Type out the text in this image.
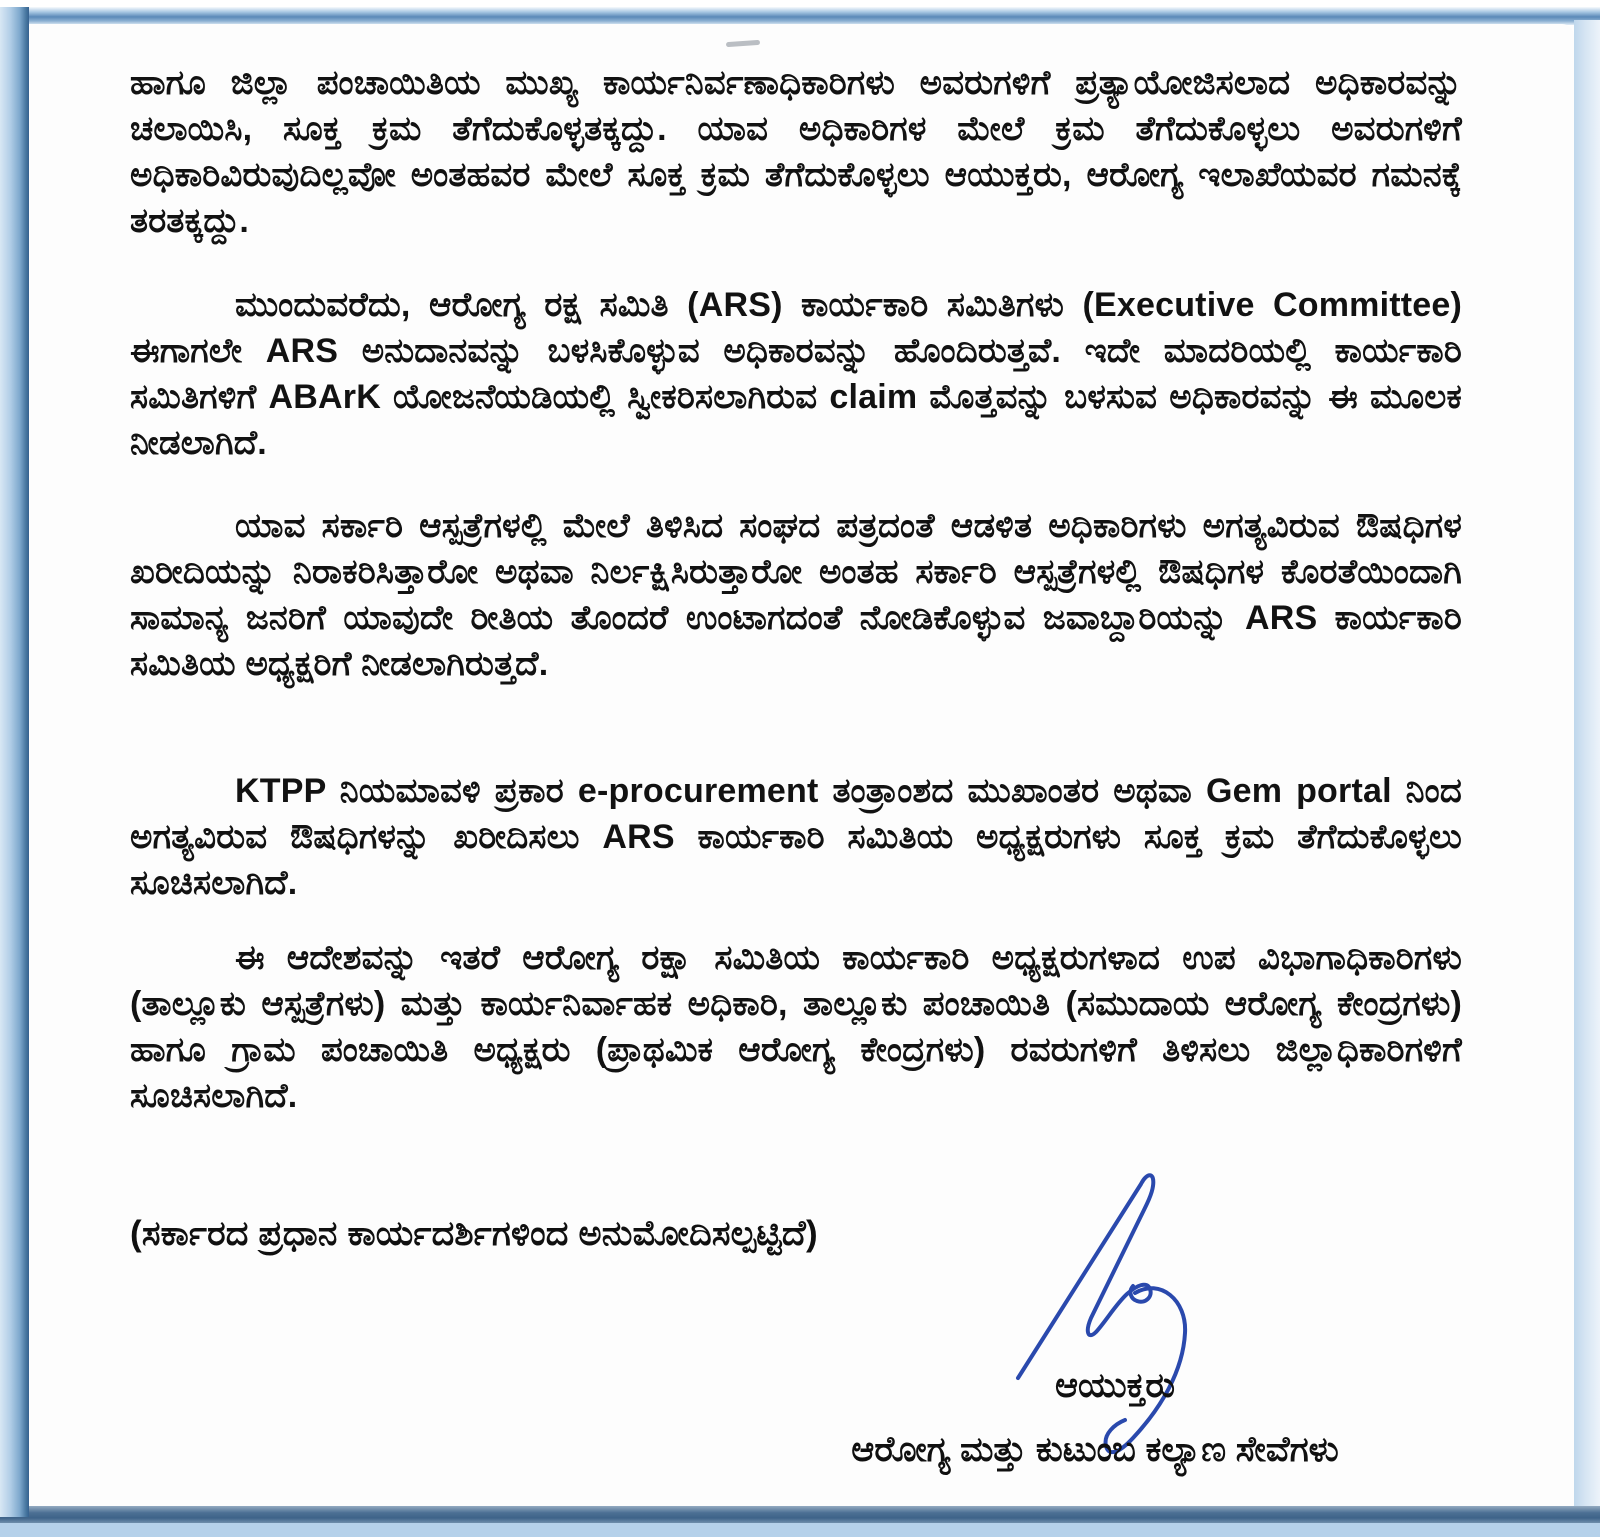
ಹಾಗೂ ಜಿಲ್ಲಾ ಪಂಚಾಯಿತಿಯ ಮುಖ್ಯ ಕಾರ್ಯನಿರ್ವಣಾಧಿಕಾರಿಗಳು ಅವರುಗಳಿಗೆ ಪ್ರತ್ಯಾಯೋಜಿಸಲಾದ ಅಧಿಕಾರವನ್ನು ಚಲಾಯಿಸಿ, ಸೂಕ್ತ ಕ್ರಮ ತೆಗೆದುಕೊಳ್ಳತಕ್ಕದ್ದು. ಯಾವ ಅಧಿಕಾರಿಗಳ ಮೇಲೆ ಕ್ರಮ ತೆಗೆದುಕೊಳ್ಳಲು ಅವರುಗಳಿಗೆ ಅಧಿಕಾರಿವಿರುವುದಿಲ್ಲವೋ ಅಂತಹವರ ಮೇಲೆ ಸೂಕ್ತ ಕ್ರಮ ತೆಗೆದುಕೊಳ್ಳಲು ಆಯುಕ್ತರು, ಆರೋಗ್ಯ ಇಲಾಖೆಯವರ ಗಮನಕ್ಕೆ ತರತಕ್ಕದ್ದು.
ಮುಂದುವರೆದು, ಆರೋಗ್ಯ ರಕ್ಷ ಸಮಿತಿ (ARS) ಕಾರ್ಯಕಾರಿ ಸಮಿತಿಗಳು (Executive Committee) ಈಗಾಗಲೇ ARS ಅನುದಾನವನ್ನು ಬಳಸಿಕೊಳ್ಳುವ ಅಧಿಕಾರವನ್ನು ಹೊಂದಿರುತ್ತವೆ. ಇದೇ ಮಾದರಿಯಲ್ಲಿ ಕಾರ್ಯಕಾರಿ ಸಮಿತಿಗಳಿಗೆ ABArK ಯೋಜನೆಯಡಿಯಲ್ಲಿ ಸ್ವೀಕರಿಸಲಾಗಿರುವ claim ಮೊತ್ತವನ್ನು ಬಳಸುವ ಅಧಿಕಾರವನ್ನು ಈ ಮೂಲಕ ನೀಡಲಾಗಿದೆ.
ಯಾವ ಸರ್ಕಾರಿ ಆಸ್ಪತ್ರೆಗಳಲ್ಲಿ ಮೇಲೆ ತಿಳಿಸಿದ ಸಂಘದ ಪತ್ರದಂತೆ ಆಡಳಿತ ಅಧಿಕಾರಿಗಳು ಅಗತ್ಯವಿರುವ ಔಷಧಿಗಳ ಖರೀದಿಯನ್ನು ನಿರಾಕರಿಸಿತ್ತಾರೋ ಅಥವಾ ನಿರ್ಲಕ್ಷಿಸಿರುತ್ತಾರೋ ಅಂತಹ ಸರ್ಕಾರಿ ಆಸ್ಪತ್ರೆಗಳಲ್ಲಿ ಔಷಧಿಗಳ ಕೊರತೆಯಿಂದಾಗಿ ಸಾಮಾನ್ಯ ಜನರಿಗೆ ಯಾವುದೇ ರೀತಿಯ ತೊಂದರೆ ಉಂಟಾಗದಂತೆ ನೋಡಿಕೊಳ್ಳುವ ಜವಾಬ್ದಾರಿಯನ್ನು ARS ಕಾರ್ಯಕಾರಿ ಸಮಿತಿಯ ಅಧ್ಯಕ್ಷರಿಗೆ ನೀಡಲಾಗಿರುತ್ತದೆ.
KTPP ನಿಯಮಾವಳಿ ಪ್ರಕಾರ e-procurement ತಂತ್ರಾಂಶದ ಮುಖಾಂತರ ಅಥವಾ Gem portal ನಿಂದ ಅಗತ್ಯವಿರುವ ಔಷಧಿಗಳನ್ನು ಖರೀದಿಸಲು ARS ಕಾರ್ಯಕಾರಿ ಸಮಿತಿಯ ಅಧ್ಯಕ್ಷರುಗಳು ಸೂಕ್ತ ಕ್ರಮ ತೆಗೆದುಕೊಳ್ಳಲು ಸೂಚಿಸಲಾಗಿದೆ.
ಈ ಆದೇಶವನ್ನು ಇತರೆ ಆರೋಗ್ಯ ರಕ್ಷಾ ಸಮಿತಿಯ ಕಾರ್ಯಕಾರಿ ಅಧ್ಯಕ್ಷರುಗಳಾದ ಉಪ ವಿಭಾಗಾಧಿಕಾರಿಗಳು (ತಾಲ್ಲೂಕು ಆಸ್ಪತ್ರೆಗಳು) ಮತ್ತು ಕಾರ್ಯನಿರ್ವಾಹಕ ಅಧಿಕಾರಿ, ತಾಲ್ಲೂಕು ಪಂಚಾಯಿತಿ (ಸಮುದಾಯ ಆರೋಗ್ಯ ಕೇಂದ್ರಗಳು) ಹಾಗೂ ಗ್ರಾಮ ಪಂಚಾಯಿತಿ ಅಧ್ಯಕ್ಷರು (ಪ್ರಾಥಮಿಕ ಆರೋಗ್ಯ ಕೇಂದ್ರಗಳು) ರವರುಗಳಿಗೆ ತಿಳಿಸಲು ಜಿಲ್ಲಾಧಿಕಾರಿಗಳಿಗೆ ಸೂಚಿಸಲಾಗಿದೆ.
(ಸರ್ಕಾರದ ಪ್ರಧಾನ ಕಾರ್ಯದರ್ಶಿಗಳಿಂದ ಅನುಮೋದಿಸಲ್ಪಟ್ಟಿದೆ)
ಆಯುಕ್ತರು
ಆರೋಗ್ಯ ಮತ್ತು ಕುಟುಂಬ ಕಲ್ಯಾಣ ಸೇವೆಗಳು
